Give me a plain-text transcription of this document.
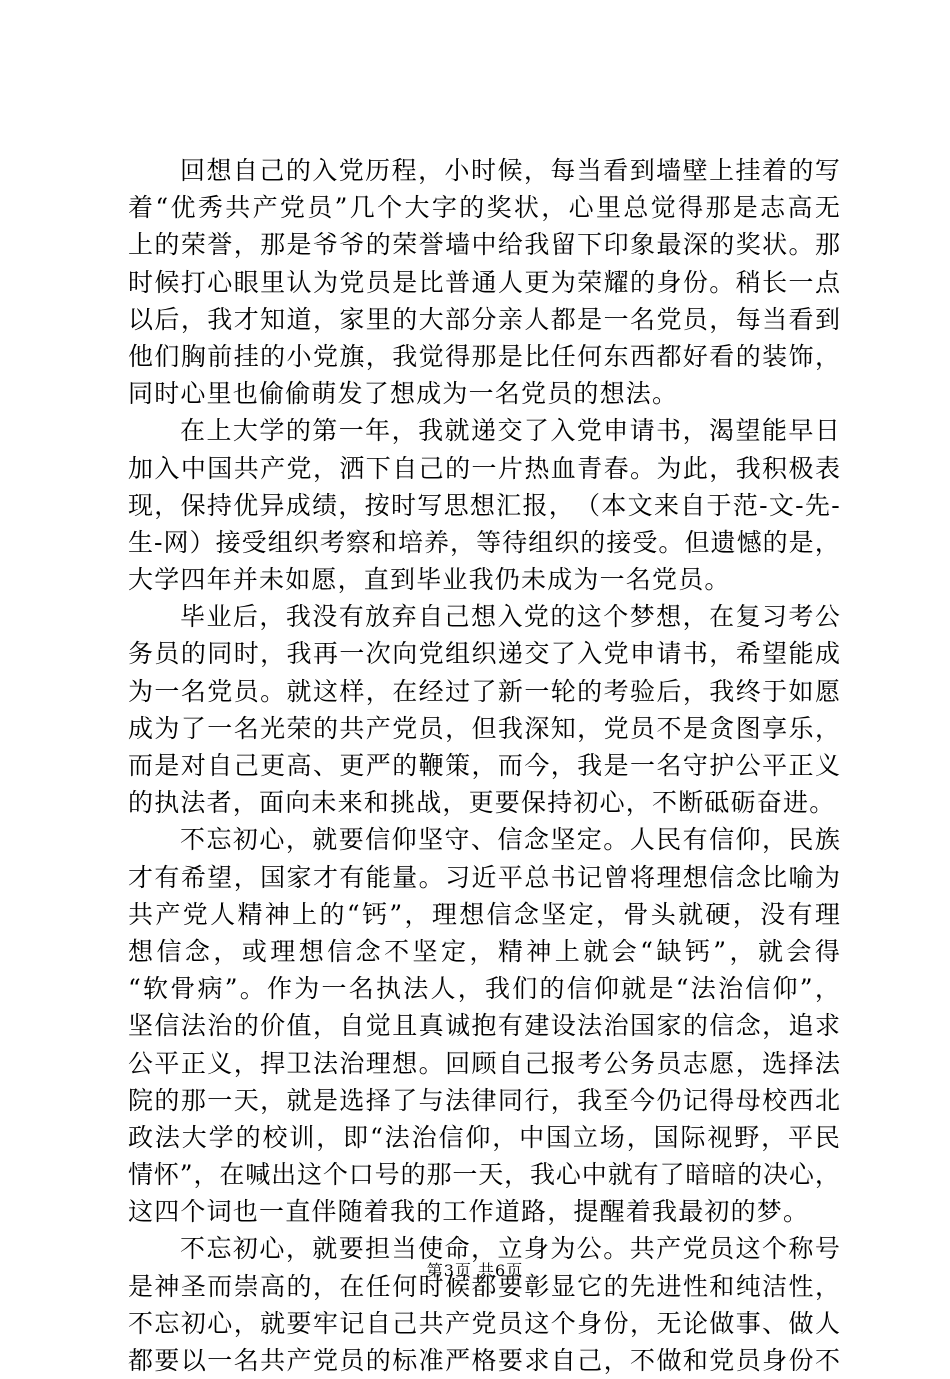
回 想 自 己 的 入 党 历 程 ， 小 时 候 ， 每 当 看 到 墙 壁 上 挂 着 的 写
着 “ 优 秀 共 产 党 员 ” 几 个 大 字 的 奖 状 ， 心 里 总 觉 得 那 是 志 高 无
上 的 荣 誉 ， 那 是 爷 爷 的 荣 誉 墙 中 给 我 留 下 印 象 最 深 的 奖 状 。 那
时 候 打 心 眼 里 认 为 党 员 是 比 普 通 人 更 为 荣 耀 的 身 份 。 稍 长 一 点
以 后 ， 我 才 知 道 ， 家 里 的 大 部 分 亲 人 都 是 一 名 党 员 ， 每 当 看 到
他 们 胸 前 挂 的 小 党 旗 ， 我 觉 得 那 是 比 任 何 东 西 都 好 看 的 装 饰 ，
同时心里也偷偷萌发了想成为一名党员的想法。
在 上 大 学 的 第 一 年 ， 我 就 递 交 了 入 党 申 请 书 ， 渴 望 能 早 日
加 入 中 国 共 产 党 ， 洒 下 自 己 的 一 片 热 血 青 春 。 为 此 ， 我 积 极 表
现 ， 保 持 优 异 成 绩 ， 按 时 写 思 想 汇 报 ， （ 本 文 来 自 于 范 - 文 - 先 -
生 - 网 ） 接 受 组 织 考 察 和 培 养 ， 等 待 组 织 的 接 受 。 但 遗 憾 的 是 ，
大学四年并未如愿，直到毕业我仍未成为一名党员。
毕 业 后 ， 我 没 有 放 弃 自 己 想 入 党 的 这 个 梦 想 ， 在 复 习 考 公
务 员 的 同 时 ， 我 再 一 次 向 党 组 织 递 交 了 入 党 申 请 书 ， 希 望 能 成
为 一 名 党 员 。 就 这 样 ， 在 经 过 了 新 一 轮 的 考 验 后 ， 我 终 于 如 愿
成 为 了 一 名 光 荣 的 共 产 党 员 ， 但 我 深 知 ， 党 员 不 是 贪 图 享 乐 ，
而 是 对 自 己 更 高 、 更 严 的 鞭 策 ， 而 今 ， 我 是 一 名 守 护 公 平 正 义
的执法者，面向未来和挑战，更要保持初心，不断砥砺奋进。
不 忘 初 心 ， 就 要 信 仰 坚 守 、 信 念 坚 定 。 人 民 有 信 仰 ， 民 族
才 有 希 望 ， 国 家 才 有 能 量 。 习 近 平 总 书 记 曾 将 理 想 信 念 比 喻 为
共 产 党 人 精 神 上 的 “ 钙 ” ， 理 想 信 念 坚 定 ， 骨 头 就 硬 ， 没 有 理
想 信 念 ， 或 理 想 信 念 不 坚 定 ， 精 神 上 就 会 “ 缺 钙 ” ， 就 会 得
“ 软 骨 病 ” 。 作 为 一 名 执 法 人 ， 我 们 的 信 仰 就 是 “ 法 治 信 仰 ” ，
坚 信 法 治 的 价 值 ， 自 觉 且 真 诚 抱 有 建 设 法 治 国 家 的 信 念 ， 追 求
公 平 正 义 ， 捍 卫 法 治 理 想 。 回 顾 自 己 报 考 公 务 员 志 愿 ， 选 择 法
院 的 那 一 天 ， 就 是 选 择 了 与 法 律 同 行 ， 我 至 今 仍 记 得 母 校 西 北
政 法 大 学 的 校 训 ， 即 “ 法 治 信 仰 ， 中 国 立 场 ， 国 际 视 野 ， 平 民
情 怀 ” ， 在 喊 出 这 个 口 号 的 那 一 天 ， 我 心 中 就 有 了 暗 暗 的 决 心 ，
这四个词也一直伴随着我的工作道路，提醒着我最初的梦。
不 忘 初 心 ， 就 要 担 当 使 命 ， 立 身 为 公 。 共 产 党 员 这 个 称 号
是 神 圣 而 崇 高 的 ， 在 任 何 时 候 都 要 彰 显 它 的 先 进 性 和 纯 洁 性 ，
不 忘 初 心 ， 就 要 牢 记 自 己 共 产 党 员 这 个 身 份 ， 无 论 做 事 、 做 人
都 要 以 一 名 共 产 党 员 的 标 准 严 格 要 求 自 己 ， 不 做 和 党 员 身 份 不
第3页 共6页
